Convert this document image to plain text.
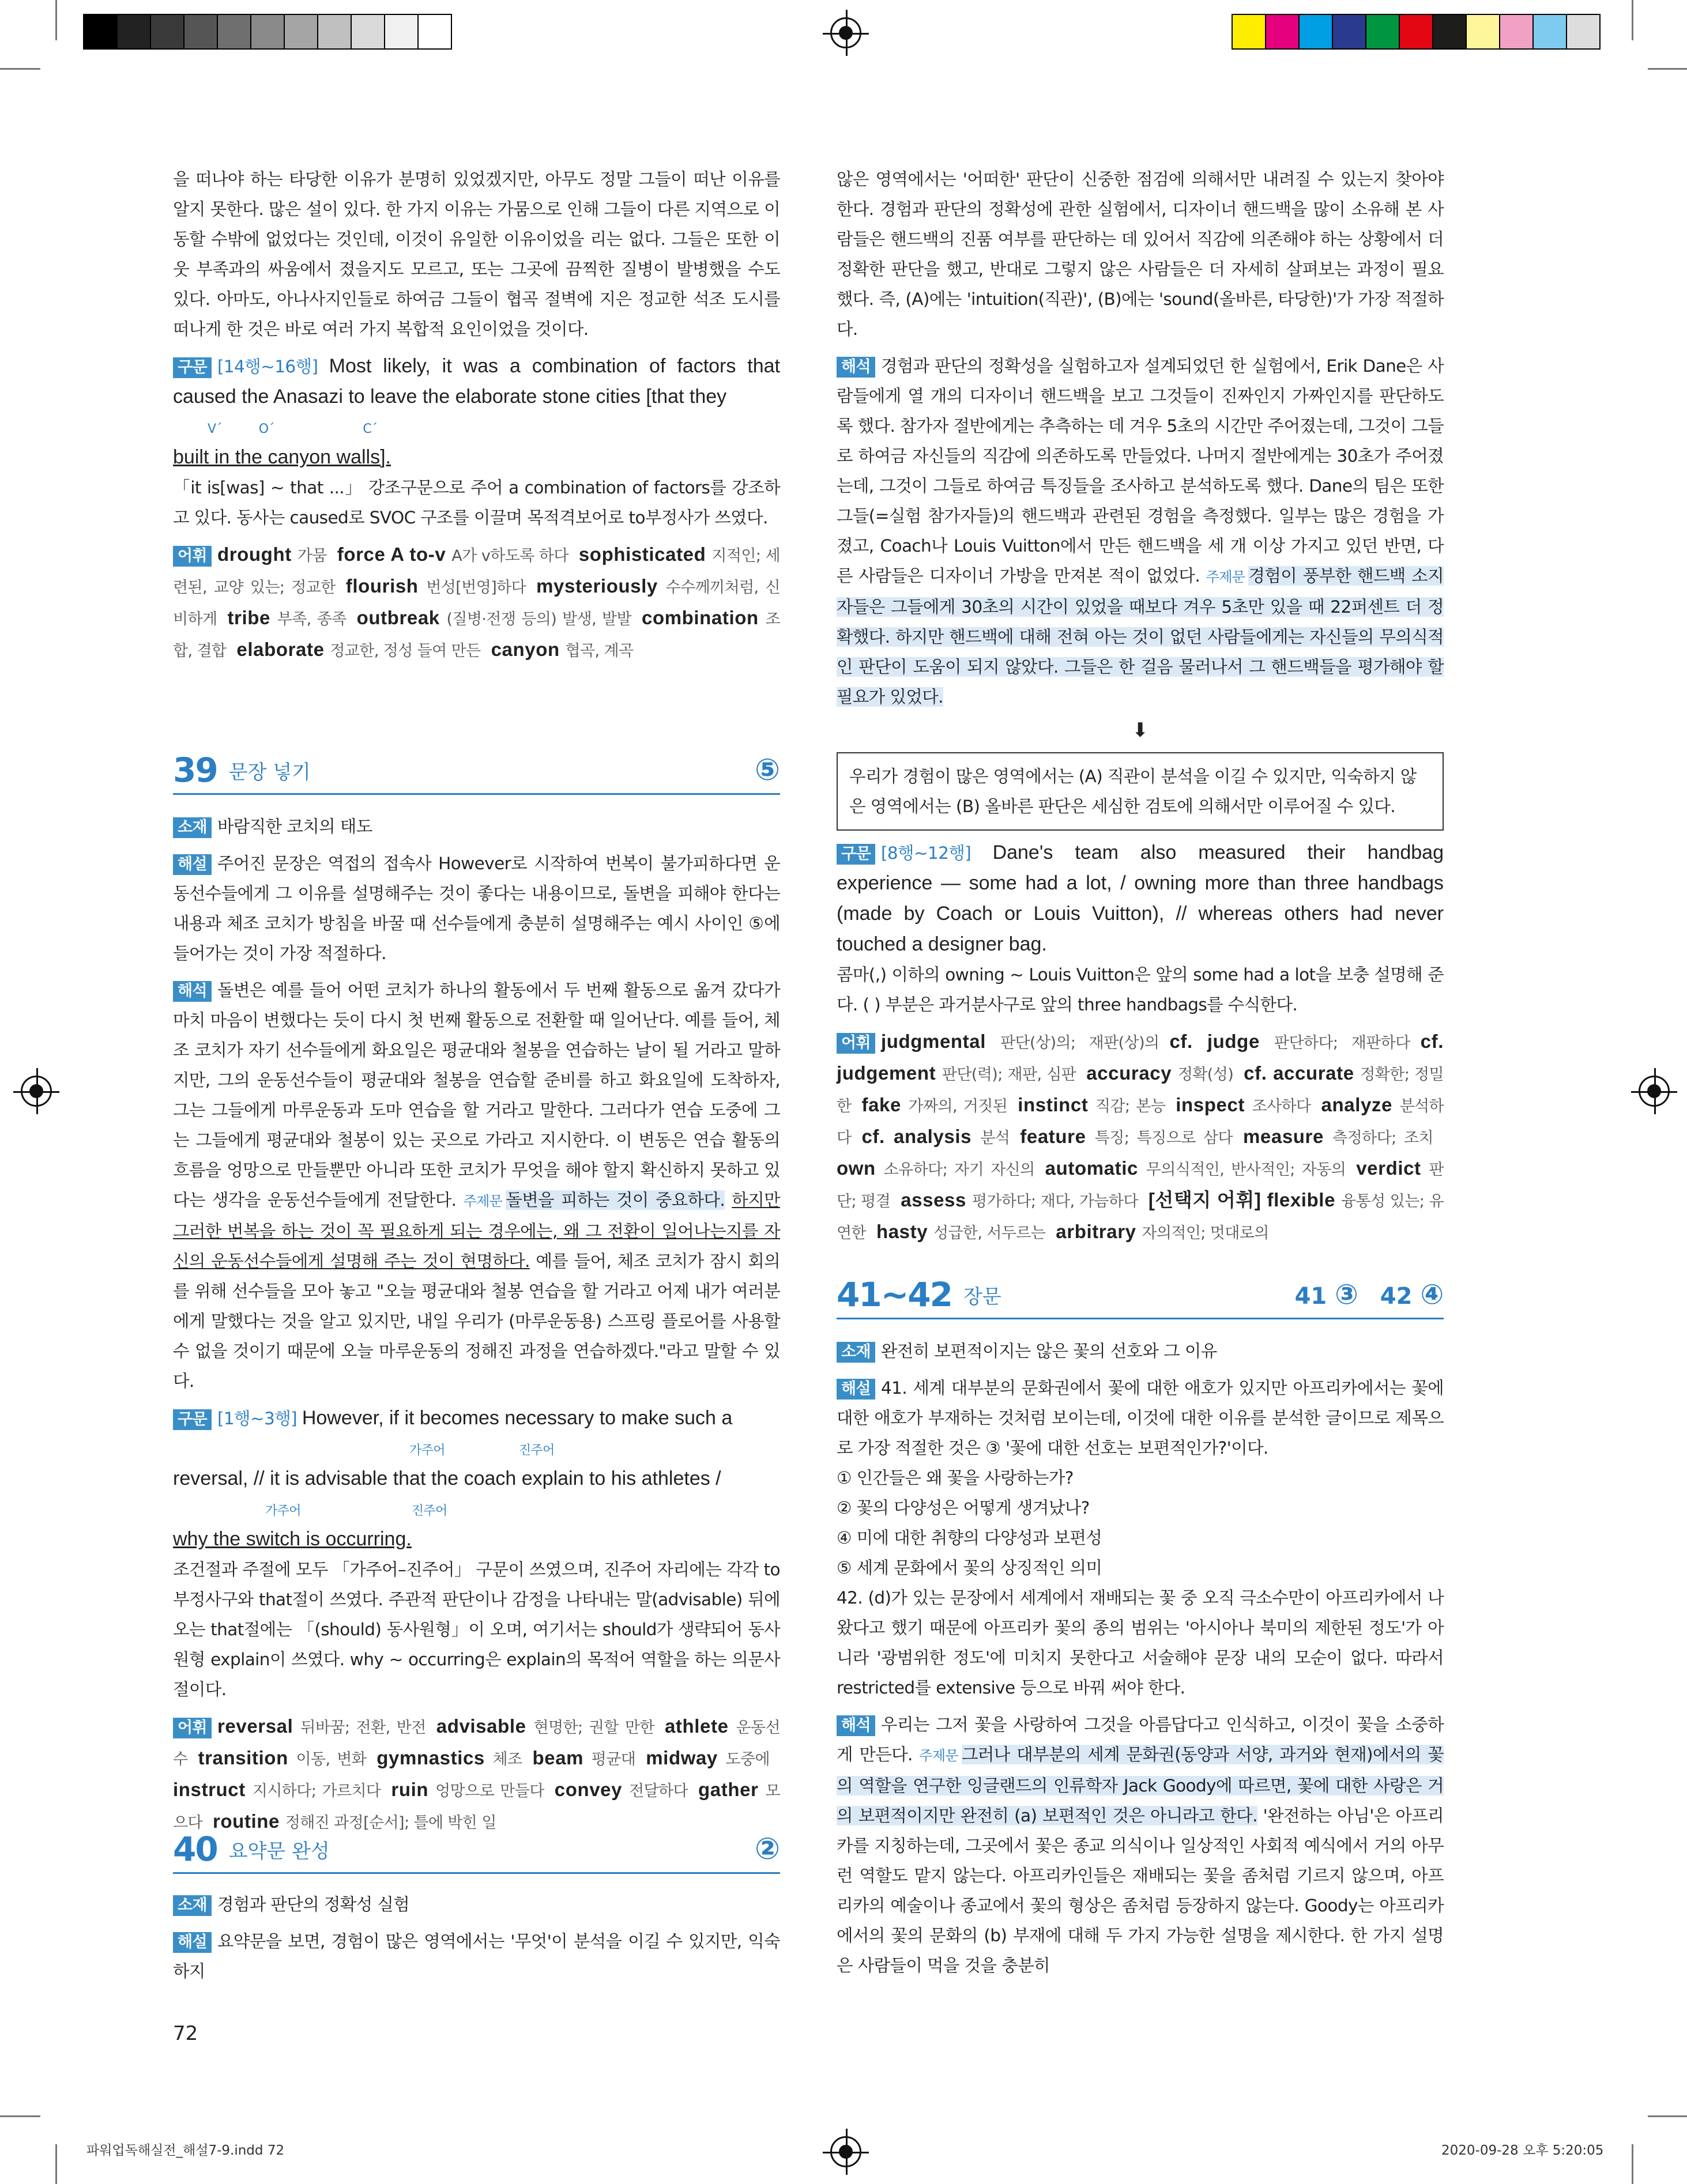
을 떠나야 하는 타당한 이유가 분명히 있었겠지만, 아무도 정말 그들이 떠난 이유를 알지 못한다. 많은 설이 있다. 한 가지 이유는 가뭄으로 인해 그들이 다른 지역으로 이동할 수밖에 없었다는 것인데, 이것이 유일한 이유이었을 리는 없다. 그들은 또한 이웃 부족과의 싸움에서 졌을지도 모르고, 또는 그곳에 끔찍한 질병이 발병했을 수도 있다. 아마도, 아나사지인들로 하여금 그들이 협곡 절벽에 지은 정교한 석조 도시를 떠나게 한 것은 바로 여러 가지 복합적 요인이었을 것이다.

구문 [14행~16행] Most likely, it was a combination of factors that caused the Anasazi to leave the elaborate stone cities [that they
V´          O´                        C´
built in the canyon walls].
「it is[was] ~ that ...」 강조구문으로 주어 a combination of factors를 강조하고 있다. 동사는 caused로 SVOC 구조를 이끌며 목적격보어로 to부정사가 쓰였다.

어휘 drought 가뭄 force A to-v A가 v하도록 하다 sophisticated 지적인; 세련된, 교양 있는; 정교한 flourish 번성[번영]하다 mysteriously 수수께끼처럼, 신비하게 tribe 부족, 종족 outbreak (질병·전쟁 등의) 발생, 발발 combination 조합, 결합 elaborate 정교한, 정성 들여 만든 canyon 협곡, 계곡

39 문장 넣기	⑤

소재 바람직한 코치의 태도

해설 주어진 문장은 역접의 접속사 However로 시작하여 번복이 불가피하다면 운동선수들에게 그 이유를 설명해주는 것이 좋다는 내용이므로, 돌변을 피해야 한다는 내용과 체조 코치가 방침을 바꿀 때 선수들에게 충분히 설명해주는 예시 사이인 ⑤에 들어가는 것이 가장 적절하다.

해석 돌변은 예를 들어 어떤 코치가 하나의 활동에서 두 번째 활동으로 옮겨 갔다가 마치 마음이 변했다는 듯이 다시 첫 번째 활동으로 전환할 때 일어난다. 예를 들어, 체조 코치가 자기 선수들에게 화요일은 평균대와 철봉을 연습하는 날이 될 거라고 말하지만, 그의 운동선수들이 평균대와 철봉을 연습할 준비를 하고 화요일에 도착하자, 그는 그들에게 마루운동과 도마 연습을 할 거라고 말한다. 그러다가 연습 도중에 그는 그들에게 평균대와 철봉이 있는 곳으로 가라고 지시한다. 이 변동은 연습 활동의 흐름을 엉망으로 만들뿐만 아니라 또한 코치가 무엇을 해야 할지 확신하지 못하고 있다는 생각을 운동선수들에게 전달한다. 주제문 돌변을 피하는 것이 중요하다. 하지만 그러한 번복을 하는 것이 꼭 필요하게 되는 경우에는, 왜 그 전환이 일어나는지를 자신의 운동선수들에게 설명해 주는 것이 현명하다. 예를 들어, 체조 코치가 잠시 회의를 위해 선수들을 모아 놓고 "오늘 평균대와 철봉 연습을 할 거라고 어제 내가 여러분에게 말했다는 것을 알고 있지만, 내일 우리가 (마루운동용) 스프링 플로어를 사용할 수 없을 것이기 때문에 오늘 마루운동의 정해진 과정을 연습하겠다."라고 말할 수 있다.

구문 [1행~3행] However, if it becomes necessary to make such a
가주어                    진주어
reversal, // it is advisable that the coach explain to his athletes /
가주어                              진주어
why the switch is occurring.
조건절과 주절에 모두 「가주어–진주어」 구문이 쓰였으며, 진주어 자리에는 각각 to부정사구와 that절이 쓰였다. 주관적 판단이나 감정을 나타내는 말(advisable) 뒤에 오는 that절에는 「(should) 동사원형」이 오며, 여기서는 should가 생략되어 동사원형 explain이 쓰였다. why ~ occurring은 explain의 목적어 역할을 하는 의문사절이다.

어휘 reversal 뒤바꿈; 전환, 반전 advisable 현명한; 권할 만한 athlete 운동선수 transition 이동, 변화 gymnastics 체조 beam 평균대 midway 도중에instruct 지시하다; 가르치다 ruin 엉망으로 만들다 convey 전달하다 gather 모으다 routine 정해진 과정[순서]; 틀에 박힌 일

40 요약문 완성	②

소재 경험과 판단의 정확성 실험

해설 요약문을 보면, 경험이 많은 영역에서는 '무엇'이 분석을 이길 수 있지만, 익숙하지

않은 영역에서는 '어떠한' 판단이 신중한 점검에 의해서만 내려질 수 있는지 찾아야 한다. 경험과 판단의 정확성에 관한 실험에서, 디자이너 핸드백을 많이 소유해 본 사람들은 핸드백의 진품 여부를 판단하는 데 있어서 직감에 의존해야 하는 상황에서 더 정확한 판단을 했고, 반대로 그렇지 않은 사람들은 더 자세히 살펴보는 과정이 필요했다. 즉, (A)에는 'intuition(직관)', (B)에는 'sound(올바른, 타당한)'가 가장 적절하다.

해석 경험과 판단의 정확성을 실험하고자 설계되었던 한 실험에서, Erik Dane은 사람들에게 열 개의 디자이너 핸드백을 보고 그것들이 진짜인지 가짜인지를 판단하도록 했다. 참가자 절반에게는 추측하는 데 겨우 5초의 시간만 주어졌는데, 그것이 그들로 하여금 자신들의 직감에 의존하도록 만들었다. 나머지 절반에게는 30초가 주어졌는데, 그것이 그들로 하여금 특징들을 조사하고 분석하도록 했다. Dane의 팀은 또한 그들(=실험 참가자들)의 핸드백과 관련된 경험을 측정했다. 일부는 많은 경험을 가졌고, Coach나 Louis Vuitton에서 만든 핸드백을 세 개 이상 가지고 있던 반면, 다른 사람들은 디자이너 가방을 만져본 적이 없었다. 주제문 경험이 풍부한 핸드백 소지자들은 그들에게 30초의 시간이 있었을 때보다 겨우 5초만 있을 때 22퍼센트 더 정확했다. 하지만 핸드백에 대해 전혀 아는 것이 없던 사람들에게는 자신들의 무의식적인 판단이 도움이 되지 않았다. 그들은 한 걸음 물러나서 그 핸드백들을 평가해야 할 필요가 있었다.

⬇
우리가 경험이 많은 영역에서는 (A) 직관이 분석을 이길 수 있지만, 익숙하지 않은 영역에서는 (B) 올바른 판단은 세심한 검토에 의해서만 이루어질 수 있다.

구문 [8행~12행] Dane's team also measured their handbag experience — some had a lot, / owning more than three handbags (made by Coach or Louis Vuitton), // whereas others had never touched a designer bag.
콤마(,) 이하의 owning ~ Louis Vuitton은 앞의 some had a lot을 보충 설명해 준다. ( ) 부분은 과거분사구로 앞의 three handbags를 수식한다.

어휘 judgmental 판단(상)의; 재판(상)의 cf. judge 판단하다; 재판하다 cf. judgement 판단(력); 재판, 심판 accuracy 정확(성) cf. accurate 정확한; 정밀한 fake 가짜의, 거짓된 instinct 직감; 본능 inspect 조사하다 analyze 분석하다 cf. analysis 분석 feature 특징; 특징으로 삼다 measure 측정하다; 조치own 소유하다; 자기 자신의 automatic 무의식적인, 반사적인; 자동의 verdict 판단; 평결 assess 평가하다; 재다, 가늠하다 [선택지 어휘] flexible 융통성 있는; 유연한 hasty 성급한, 서두르는 arbitrary 자의적인; 멋대로의

41~42 장문	41 ③ 42 ④

소재 완전히 보편적이지는 않은 꽃의 선호와 그 이유

해설 41. 세계 대부분의 문화권에서 꽃에 대한 애호가 있지만 아프리카에서는 꽃에 대한 애호가 부재하는 것처럼 보이는데, 이것에 대한 이유를 분석한 글이므로 제목으로 가장 적절한 것은 ③ '꽃에 대한 선호는 보편적인가?'이다.

① 인간들은 왜 꽃을 사랑하는가?
② 꽃의 다양성은 어떻게 생겨났나?
④ 미에 대한 취향의 다양성과 보편성
⑤ 세계 문화에서 꽃의 상징적인 의미

42. (d)가 있는 문장에서 세계에서 재배되는 꽃 중 오직 극소수만이 아프리카에서 나왔다고 했기 때문에 아프리카 꽃의 종의 범위는 '아시아나 북미의 제한된 정도'가 아니라 '광범위한 정도'에 미치지 못한다고 서술해야 문장 내의 모순이 없다. 따라서 restricted를 extensive 등으로 바꿔 써야 한다.

해석 우리는 그저 꽃을 사랑하여 그것을 아름답다고 인식하고, 이것이 꽃을 소중하게 만든다. 주제문 그러나 대부분의 세계 문화권(동양과 서양, 과거와 현재)에서의 꽃의 역할을 연구한 잉글랜드의 인류학자 Jack Goody에 따르면, 꽃에 대한 사랑은 거의 보편적이지만 완전히 (a) 보편적인 것은 아니라고 한다. '완전하는 아님'은 아프리카를 지칭하는데, 그곳에서 꽃은 종교 의식이나 일상적인 사회적 예식에서 거의 아무런 역할도 맡지 않는다. 아프리카인들은 재배되는 꽃을 좀처럼 기르지 않으며, 아프리카의 예술이나 종교에서 꽃의 형상은 좀처럼 등장하지 않는다. Goody는 아프리카에서의 꽃의 문화의 (b) 부재에 대해 두 가지 가능한 설명을 제시한다. 한 가지 설명은 사람들이 먹을 것을 충분히

72
파워업독해실전_해설7-9.indd 72	2020-09-28 오후 5:20:05
